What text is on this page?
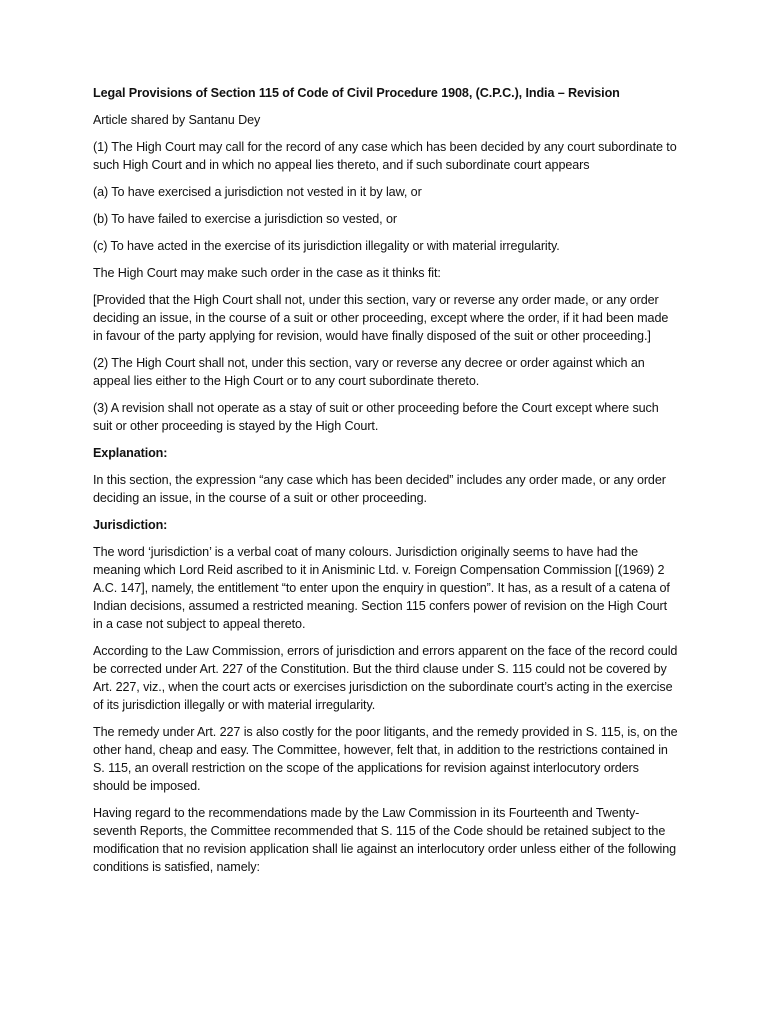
Legal Provisions of Section 115 of Code of Civil Procedure 1908, (C.P.C.), India – Revision

Article shared by Santanu Dey

(1) The High Court may call for the record of any case which has been decided by any court subordinate to such High Court and in which no appeal lies thereto, and if such subordinate court appears

(a) To have exercised a jurisdiction not vested in it by law, or

(b) To have failed to exercise a jurisdiction so vested, or

(c) To have acted in the exercise of its jurisdiction illegality or with material irregularity.

The High Court may make such order in the case as it thinks fit:

[Provided that the High Court shall not, under this section, vary or reverse any order made, or any order deciding an issue, in the course of a suit or other proceeding, except where the order, if it had been made in favour of the party applying for revision, would have finally disposed of the suit or other proceeding.]

(2) The High Court shall not, under this section, vary or reverse any decree or order against which an appeal lies either to the High Court or to any court subordinate thereto.

(3) A revision shall not operate as a stay of suit or other proceeding before the Court except where such suit or other proceeding is stayed by the High Court.

Explanation:

In this section, the expression “any case which has been decided” includes any order made, or any order deciding an issue, in the course of a suit or other proceeding.

Jurisdiction:

The word ‘jurisdiction’ is a verbal coat of many colours. Jurisdiction originally seems to have had the meaning which Lord Reid ascribed to it in Anisminic Ltd. v. Foreign Compensation Commission [(1969) 2 A.C. 147], namely, the entitlement “to enter upon the enquiry in question”. It has, as a result of a catena of Indian decisions, assumed a restricted meaning. Section 115 confers power of revision on the High Court in a case not subject to appeal thereto.

According to the Law Commission, errors of jurisdiction and errors apparent on the face of the record could be corrected under Art. 227 of the Constitution. But the third clause under S. 115 could not be covered by Art. 227, viz., when the court acts or exercises jurisdiction on the subordinate court’s acting in the exercise of its jurisdiction illegally or with material irregularity.

The remedy under Art. 227 is also costly for the poor litigants, and the remedy provided in S. 115, is, on the other hand, cheap and easy. The Committee, however, felt that, in addition to the restrictions contained in S. 115, an overall restriction on the scope of the applications for revision against interlocutory orders should be imposed.

Having regard to the recommendations made by the Law Commission in its Fourteenth and Twenty-seventh Reports, the Committee recommended that S. 115 of the Code should be retained subject to the modification that no revision application shall lie against an interlocutory order unless either of the following conditions is satisfied, namely:
